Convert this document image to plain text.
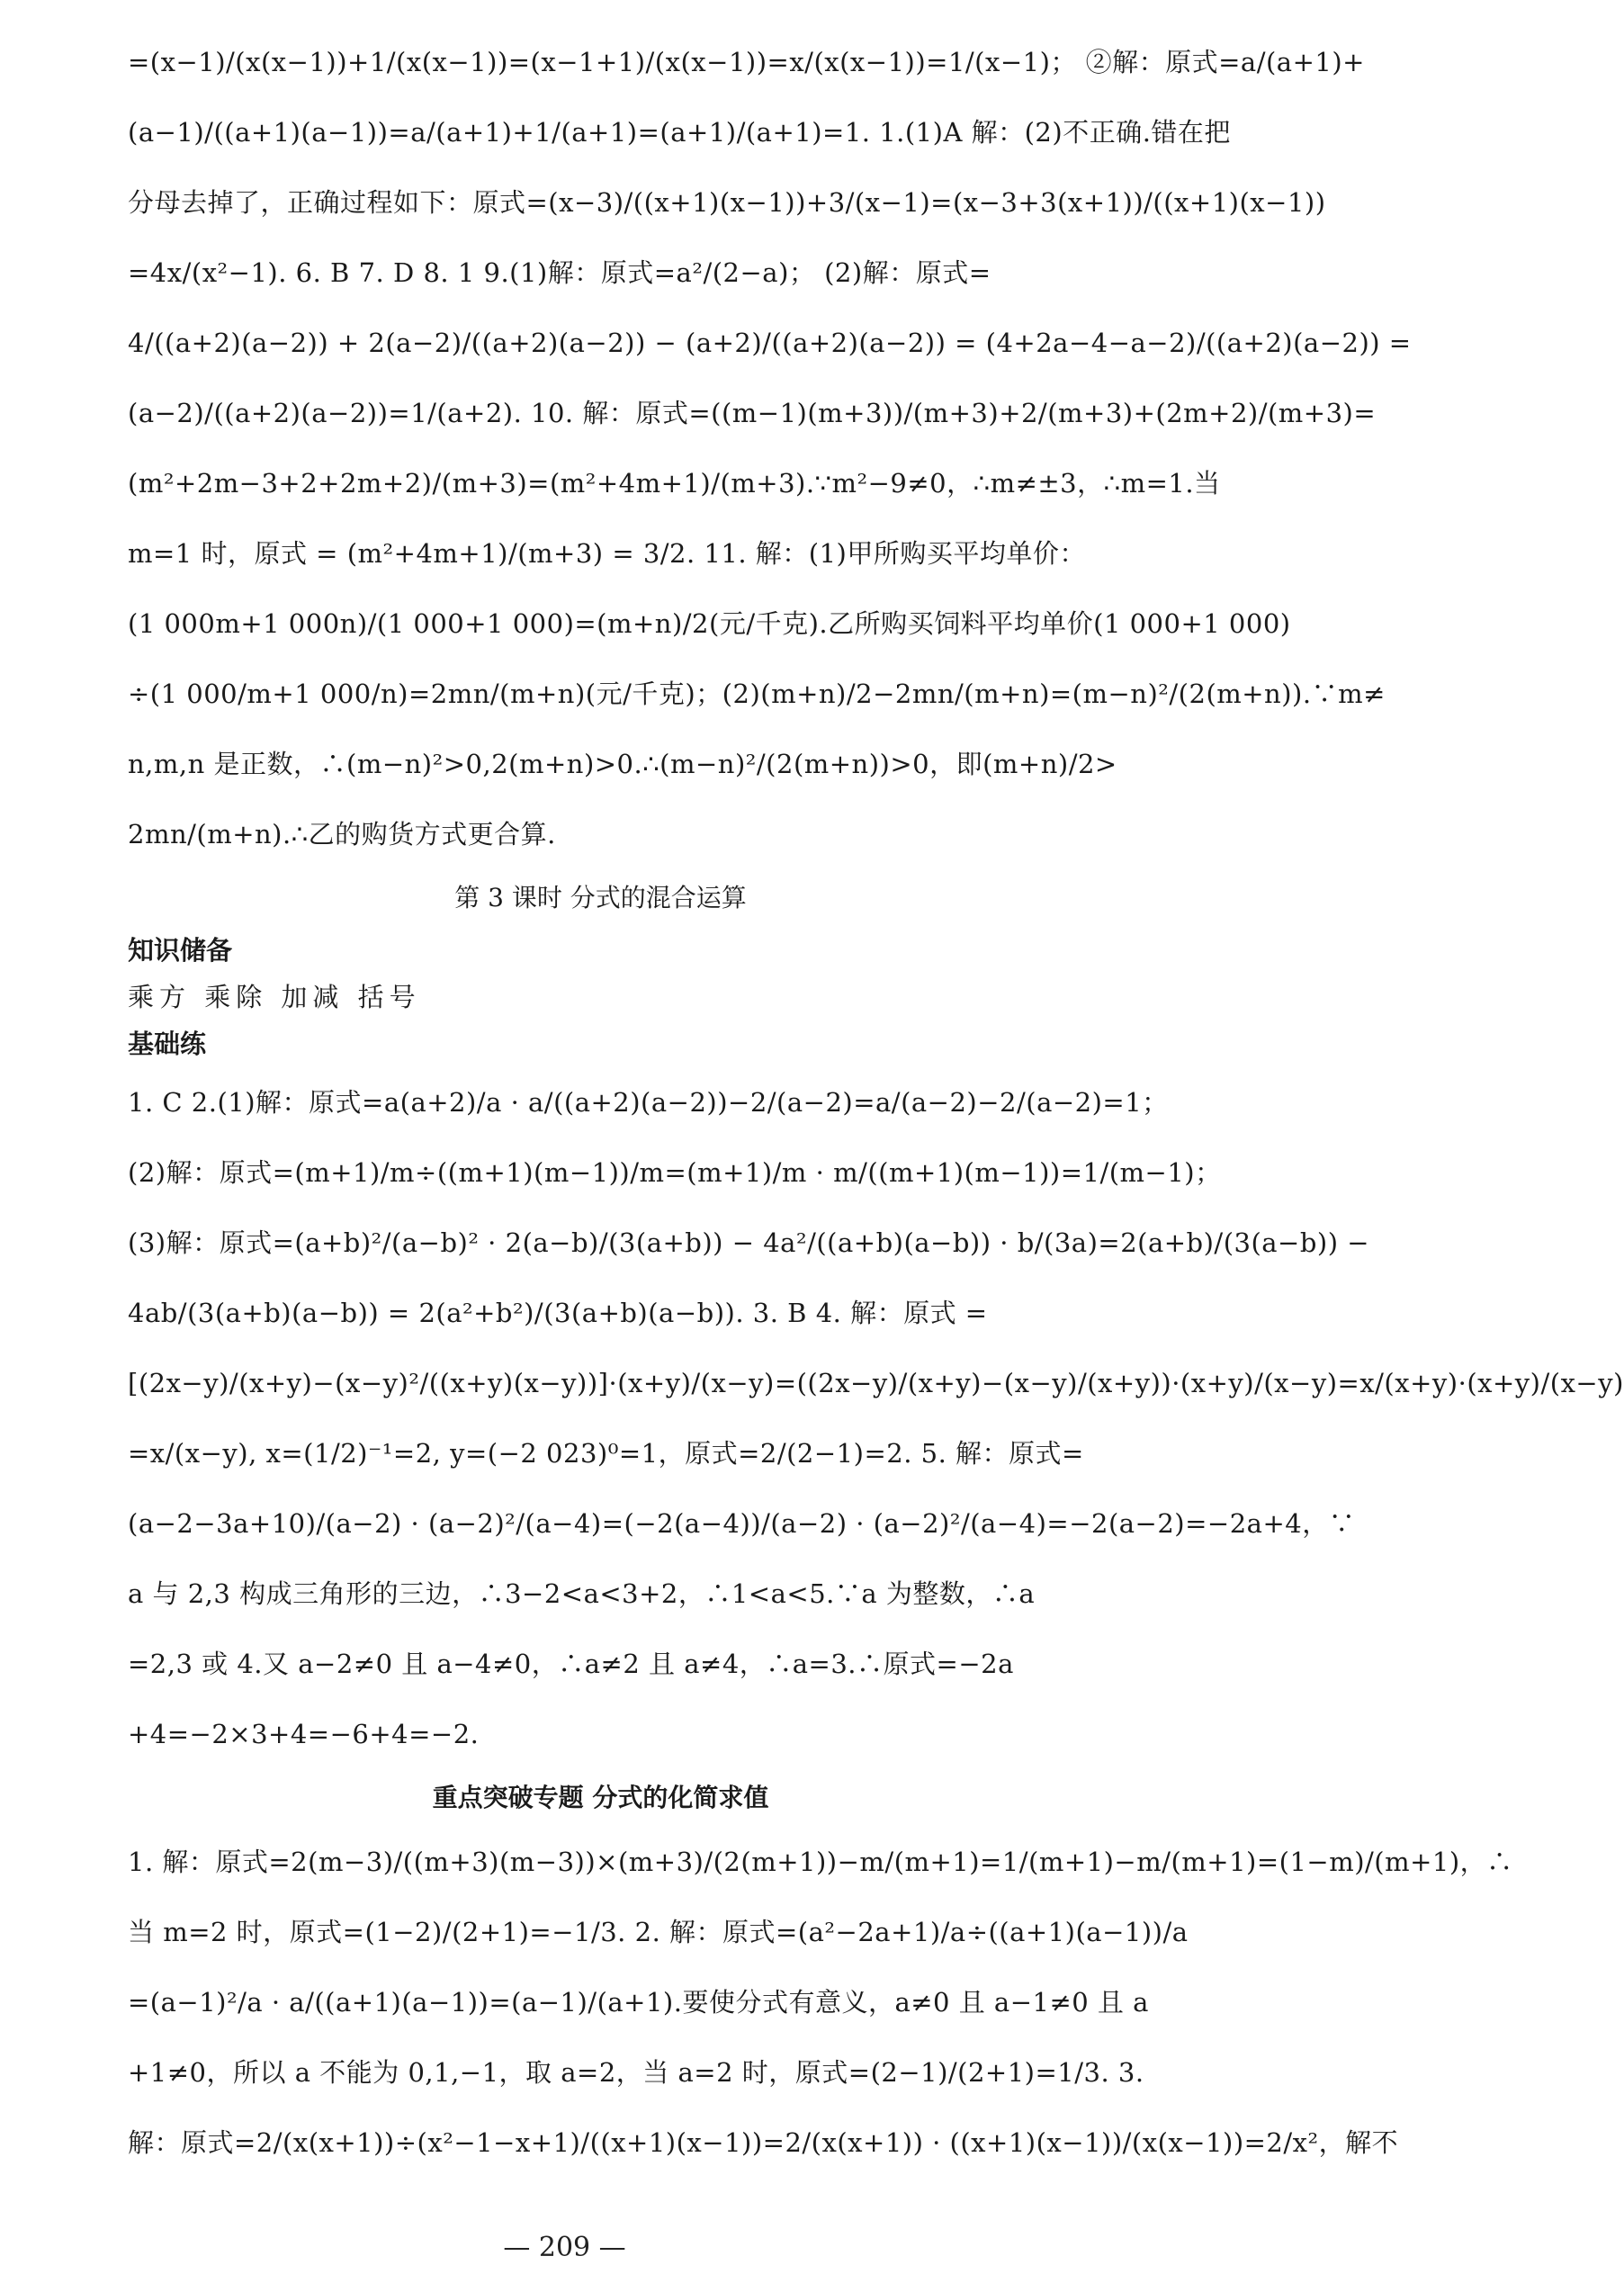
=(x−1)/(x(x−1))+1/(x(x−1))=(x−1+1)/(x(x−1))=x/(x(x−1))=1/(x−1)； ②解：原式=a/(a+1)+
(a−1)/((a+1)(a−1))=a/(a+1)+1/(a+1)=(a+1)/(a+1)=1. 1.(1)A 解：(2)不正确.错在把
分母去掉了，正确过程如下：原式=(x−3)/((x+1)(x−1))+3/(x−1)=(x−3+3(x+1))/((x+1)(x−1))
=4x/(x²−1). 6. B 7. D 8. 1 9.(1)解：原式=a²/(2−a)； (2)解：原式=
4/((a+2)(a−2)) + 2(a−2)/((a+2)(a−2)) − (a+2)/((a+2)(a−2)) = (4+2a−4−a−2)/((a+2)(a−2)) =
(a−2)/((a+2)(a−2))=1/(a+2). 10. 解：原式=((m−1)(m+3))/(m+3)+2/(m+3)+(2m+2)/(m+3)=
(m²+2m−3+2+2m+2)/(m+3)=(m²+4m+1)/(m+3).∵m²−9≠0，∴m≠±3，∴m=1.当
m=1 时，原式 = (m²+4m+1)/(m+3) = 3/2. 11. 解：(1)甲所购买平均单价：
(1 000m+1 000n)/(1 000+1 000)=(m+n)/2(元/千克).乙所购买饲料平均单价(1 000+1 000)
÷(1 000/m+1 000/n)=2mn/(m+n)(元/千克)；(2)(m+n)/2−2mn/(m+n)=(m−n)²/(2(m+n)).∵m≠
n,m,n 是正数，∴(m−n)²>0,2(m+n)>0.∴(m−n)²/(2(m+n))>0，即(m+n)/2>
2mn/(m+n).∴乙的购货方式更合算.
第 3 课时 分式的混合运算
知识储备
乘方 乘除 加减 括号
基础练
1. C 2.(1)解：原式=a(a+2)/a · a/((a+2)(a−2))−2/(a−2)=a/(a−2)−2/(a−2)=1；
(2)解：原式=(m+1)/m÷((m+1)(m−1))/m=(m+1)/m · m/((m+1)(m−1))=1/(m−1)；
(3)解：原式=(a+b)²/(a−b)² · 2(a−b)/(3(a+b)) − 4a²/((a+b)(a−b)) · b/(3a)=2(a+b)/(3(a−b)) −
4ab/(3(a+b)(a−b)) = 2(a²+b²)/(3(a+b)(a−b)). 3. B 4. 解：原式 =
[(2x−y)/(x+y)−(x−y)²/((x+y)(x−y))]·(x+y)/(x−y)=((2x−y)/(x+y)−(x−y)/(x+y))·(x+y)/(x−y)=x/(x+y)·(x+y)/(x−y)
=x/(x−y), x=(1/2)⁻¹=2, y=(−2 023)⁰=1，原式=2/(2−1)=2. 5. 解：原式=
(a−2−3a+10)/(a−2) · (a−2)²/(a−4)=(−2(a−4))/(a−2) · (a−2)²/(a−4)=−2(a−2)=−2a+4，∵
a 与 2,3 构成三角形的三边，∴3−2<a<3+2，∴1<a<5.∵a 为整数，∴a
=2,3 或 4.又 a−2≠0 且 a−4≠0，∴a≠2 且 a≠4，∴a=3.∴原式=−2a
+4=−2×3+4=−6+4=−2.
重点突破专题 分式的化简求值
1. 解：原式=2(m−3)/((m+3)(m−3))×(m+3)/(2(m+1))−m/(m+1)=1/(m+1)−m/(m+1)=(1−m)/(m+1)，∴
当 m=2 时，原式=(1−2)/(2+1)=−1/3. 2. 解：原式=(a²−2a+1)/a÷((a+1)(a−1))/a
=(a−1)²/a · a/((a+1)(a−1))=(a−1)/(a+1).要使分式有意义，a≠0 且 a−1≠0 且 a
+1≠0，所以 a 不能为 0,1,−1，取 a=2，当 a=2 时，原式=(2−1)/(2+1)=1/3. 3.
解：原式=2/(x(x+1))÷(x²−1−x+1)/((x+1)(x−1))=2/(x(x+1)) · ((x+1)(x−1))/(x(x−1))=2/x²，解不
— 209 —
